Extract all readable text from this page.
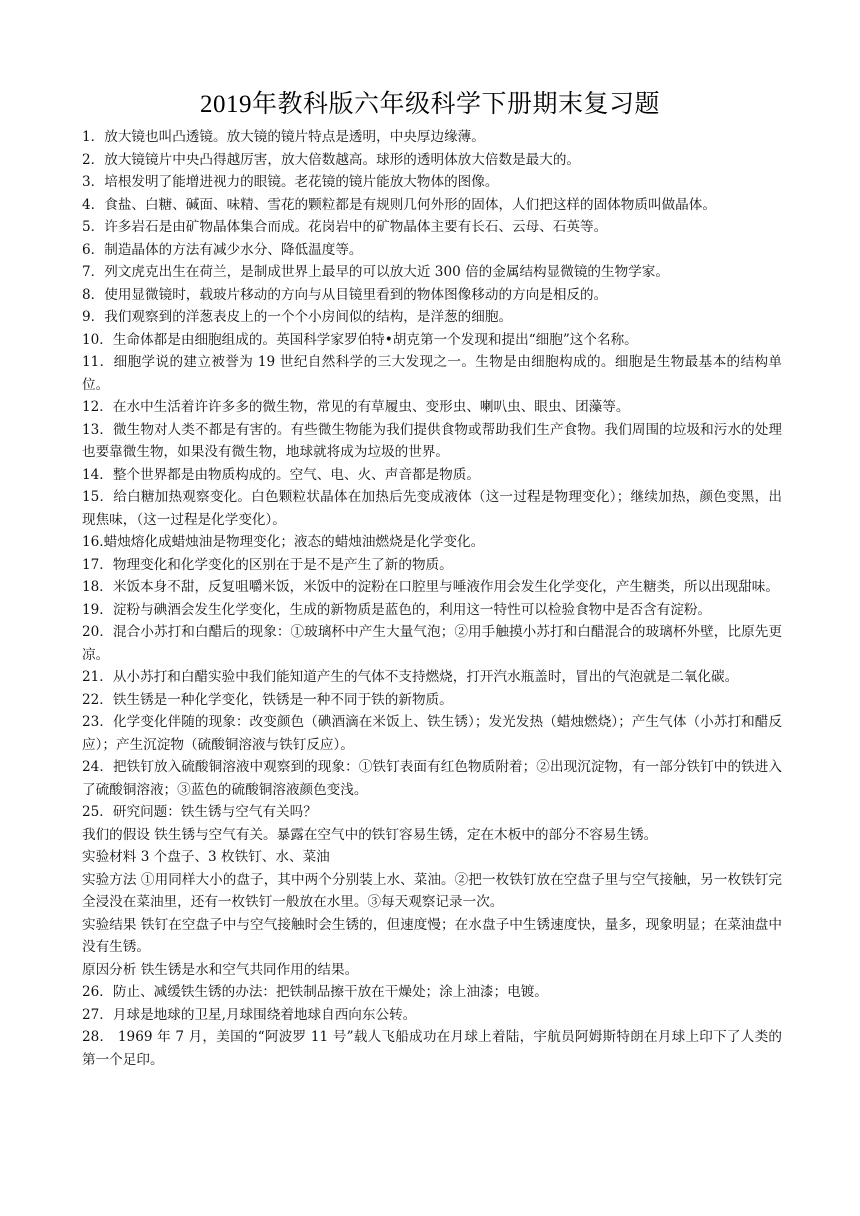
2019年教科版六年级科学下册期末复习题

1．放大镜也叫凸透镜。放大镜的镜片特点是透明，中央厚边缘薄。

2．放大镜镜片中央凸得越厉害，放大倍数越高。球形的透明体放大倍数是最大的。

3．培根发明了能增进视力的眼镜。老花镜的镜片能放大物体的图像。

4．食盐、白糖、碱面、味精、雪花的颗粒都是有规则几何外形的固体，人们把这样的固体物质叫做晶体。

5．许多岩石是由矿物晶体集合而成。花岗岩中的矿物晶体主要有长石、云母、石英等。

6．制造晶体的方法有减少水分、降低温度等。

7．列文虎克出生在荷兰，是制成世界上最早的可以放大近 300 倍的金属结构显微镜的生物学家。

8．使用显微镜时，载玻片移动的方向与从目镜里看到的物体图像移动的方向是相反的。

9．我们观察到的洋葱表皮上的一个个小房间似的结构，是洋葱的细胞。

10．生命体都是由细胞组成的。英国科学家罗伯特•胡克第一个发现和提出“细胞”这个名称。

11．细胞学说的建立被誉为 19 世纪自然科学的三大发现之一。生物是由细胞构成的。细胞是生物最基本的结构单位。

12．在水中生活着许许多多的微生物，常见的有草履虫、变形虫、喇叭虫、眼虫、团藻等。

13．微生物对人类不都是有害的。有些微生物能为我们提供食物或帮助我们生产食物。我们周围的垃圾和污水的处理也要靠微生物，如果没有微生物，地球就将成为垃圾的世界。

14．整个世界都是由物质构成的。空气、电、火、声音都是物质。

15．给白糖加热观察变化。白色颗粒状晶体在加热后先变成液体（这一过程是物理变化）；继续加热，颜色变黑，出现焦味，（这一过程是化学变化）。

16.蜡烛熔化成蜡烛油是物理变化；液态的蜡烛油燃烧是化学变化。

17．物理变化和化学变化的区别在于是不是产生了新的物质。

18．米饭本身不甜，反复咀嚼米饭，米饭中的淀粉在口腔里与唾液作用会发生化学变化，产生糖类，所以出现甜味。

19．淀粉与碘酒会发生化学变化，生成的新物质是蓝色的，利用这一特性可以检验食物中是否含有淀粉。

20．混合小苏打和白醋后的现象：①玻璃杯中产生大量气泡；②用手触摸小苏打和白醋混合的玻璃杯外壁，比原先更凉。

21．从小苏打和白醋实验中我们能知道产生的气体不支持燃烧，打开汽水瓶盖时，冒出的气泡就是二氧化碳。

22．铁生锈是一种化学变化，铁锈是一种不同于铁的新物质。

23．化学变化伴随的现象：改变颜色（碘酒滴在米饭上、铁生锈）；发光发热（蜡烛燃烧）；产生气体（小苏打和醋反应）；产生沉淀物（硫酸铜溶液与铁钉反应）。

24．把铁钉放入硫酸铜溶液中观察到的现象：①铁钉表面有红色物质附着；②出现沉淀物，有一部分铁钉中的铁进入了硫酸铜溶液；③蓝色的硫酸铜溶液颜色变浅。

25．研究问题：铁生锈与空气有关吗？

我们的假设 铁生锈与空气有关。暴露在空气中的铁钉容易生锈，定在木板中的部分不容易生锈。

实验材料 3 个盘子、3 枚铁钉、水、菜油

实验方法 ①用同样大小的盘子，其中两个分别装上水、菜油。②把一枚铁钉放在空盘子里与空气接触，另一枚铁钉完全浸没在菜油里，还有一枚铁钉一般放在水里。③每天观察记录一次。

实验结果 铁钉在空盘子中与空气接触时会生锈的，但速度慢；在水盘子中生锈速度快，量多，现象明显；在菜油盘中没有生锈。

原因分析 铁生锈是水和空气共同作用的结果。

26．防止、减缓铁生锈的办法：把铁制品擦干放在干燥处；涂上油漆；电镀。

27．月球是地球的卫星,月球围绕着地球自西向东公转。

28． 1969 年 7 月，美国的“阿波罗 11 号”载人飞船成功在月球上着陆，宇航员阿姆斯特朗在月球上印下了人类的第一个足印。
